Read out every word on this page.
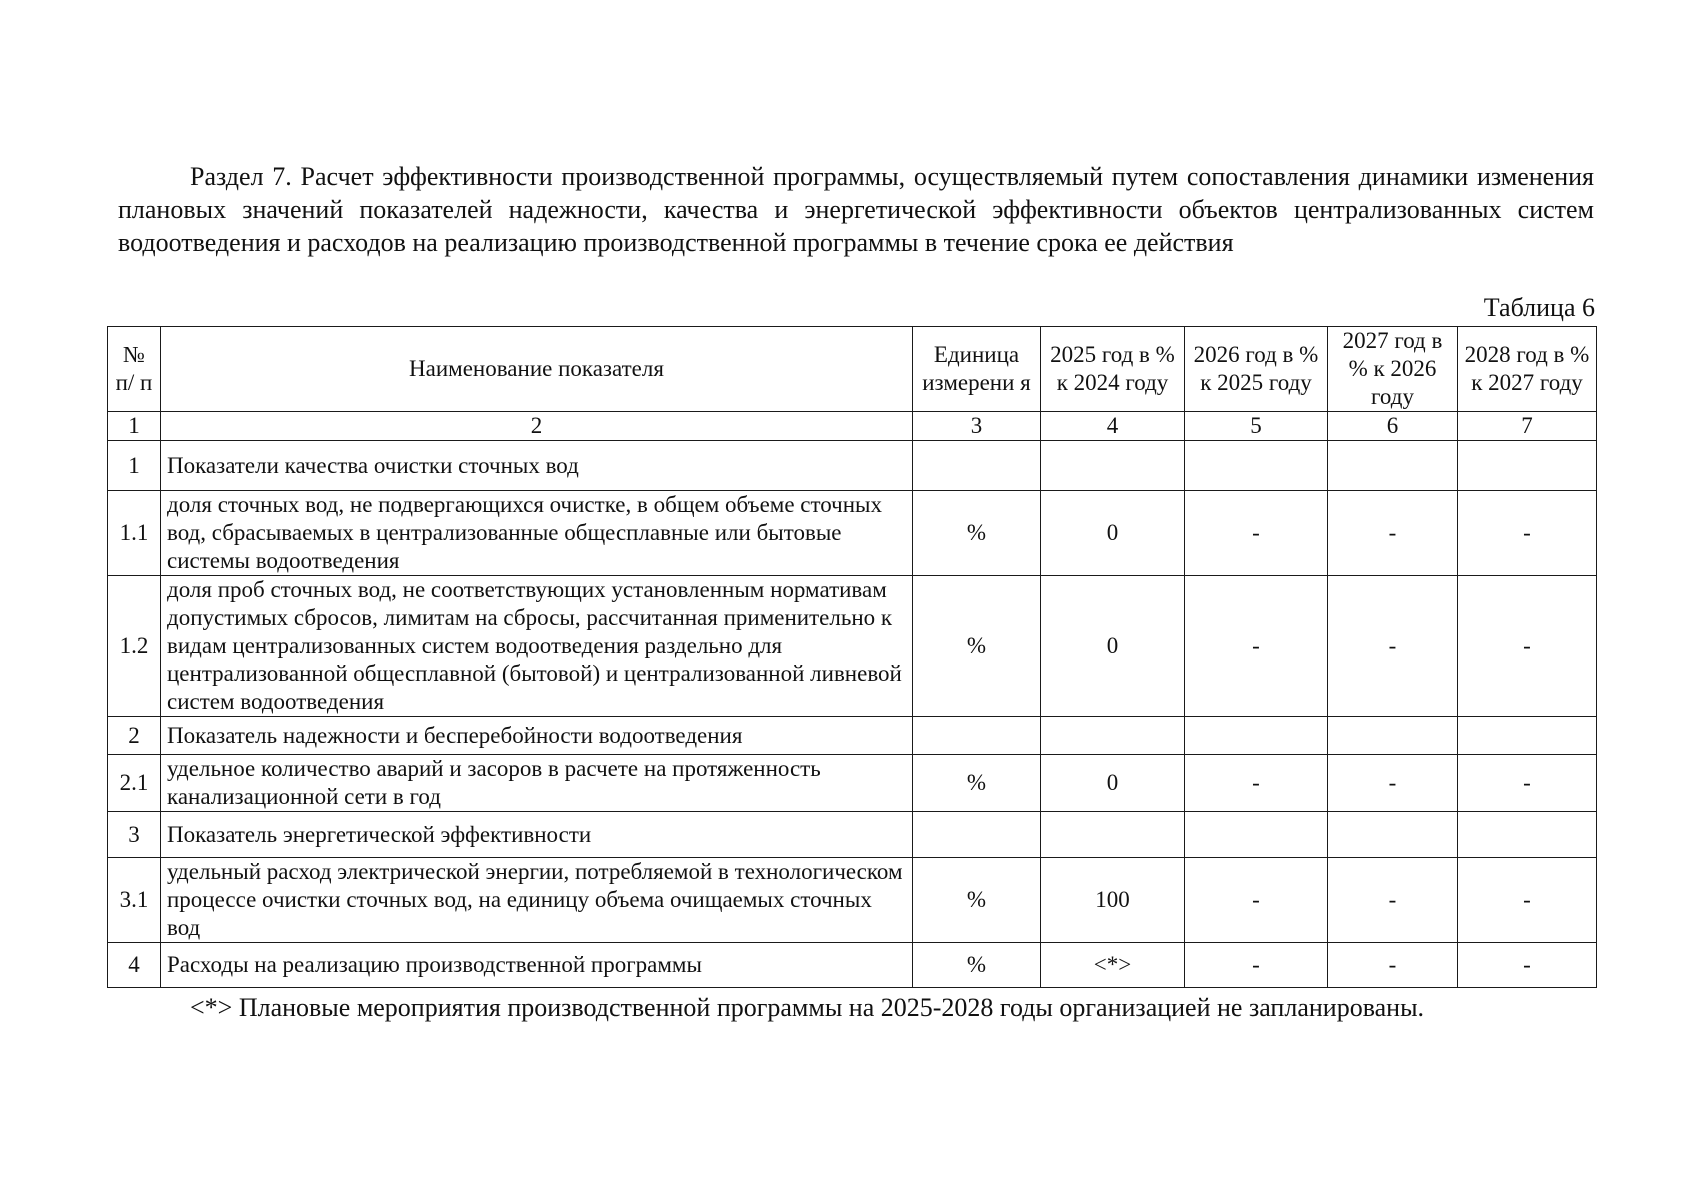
Раздел 7. Расчет эффективности производственной программы, осуществляемый путем сопоставления динамики изменения плановых значений показателей надежности, качества и энергетической эффективности объектов централизованных систем водоотведения и расходов на реализацию производственной программы в течение срока ее действия

Таблица 6

№ п/ п	Наименование показателя	Единица измерени я	2025 год в % к 2024 году	2026 год в % к 2025 году	2027 год в % к 2026 году	2028 год в % к 2027 году
1	2	3	4	5	6	7
1	Показатели качества очистки сточных вод					
1.1	доля сточных вод, не подвергающихся очистке, в общем объеме сточных вод, сбрасываемых в централизованные общесплавные или бытовые системы водоотведения	%	0	-	-	-
1.2	доля проб сточных вод, не соответствующих установленным нормативам допустимых сбросов, лимитам на сбросы, рассчитанная применительно к видам централизованных систем водоотведения раздельно для централизованной общесплавной (бытовой) и централизованной ливневой систем водоотведения	%	0	-	-	-
2	Показатель надежности и бесперебойности водоотведения					
2.1	удельное количество аварий и засоров в расчете на протяженность канализационной сети в год	%	0	-	-	-
3	Показатель энергетической эффективности					
3.1	удельный расход электрической энергии, потребляемой в технологическом процессе очистки сточных вод, на единицу объема очищаемых сточных вод	%	100	-	-	-
4	Расходы на реализацию производственной программы	%	<*>	-	-	-

<*> Плановые мероприятия производственной программы на 2025-2028 годы организацией не запланированы.
